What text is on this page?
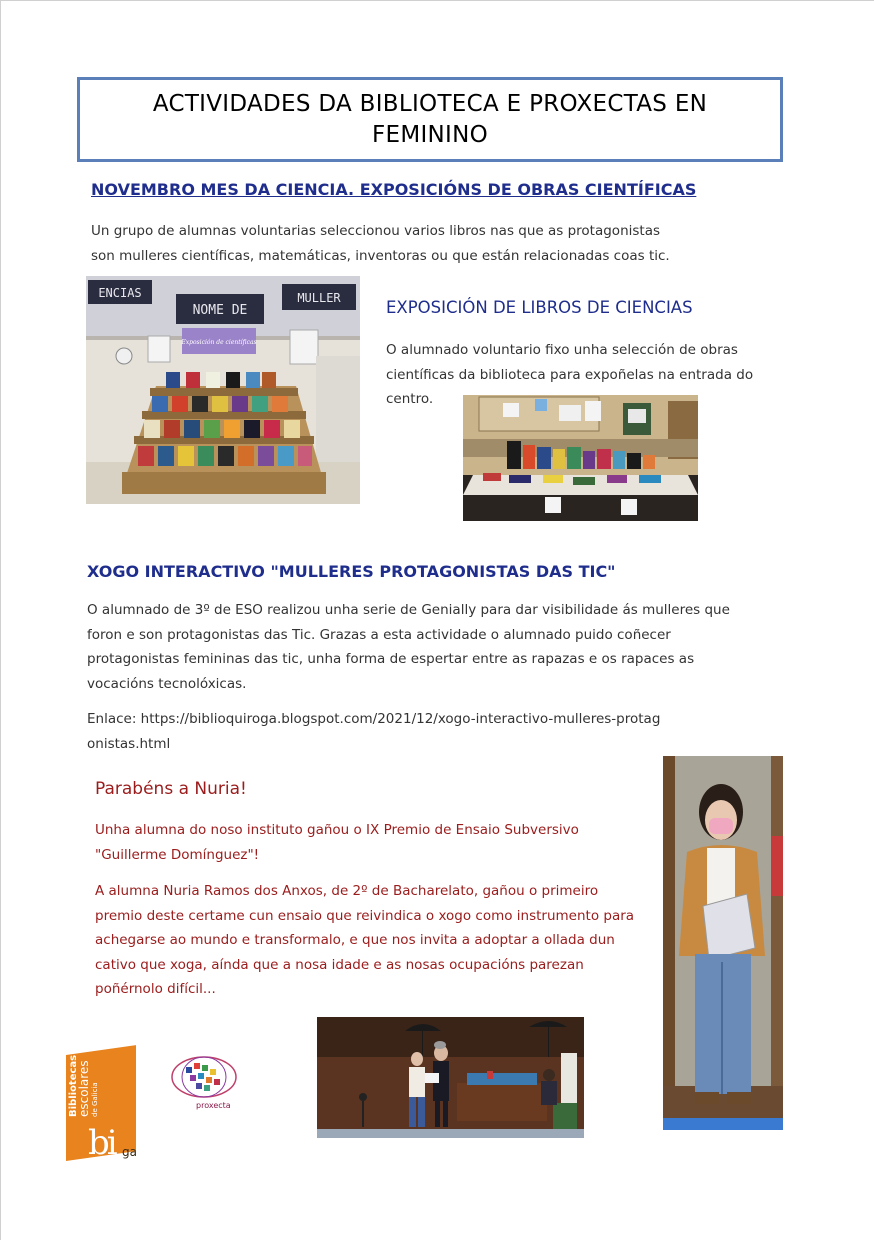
ACTIVIDADES DA BIBLIOTECA E PROXECTAS EN FEMININO
NOVEMBRO MES DA CIENCIA. EXPOSICIÓNS DE OBRAS CIENTÍFICAS
Un grupo de alumnas voluntarias seleccionou varios libros nas que as protagonistas son mulleres científicas, matemáticas, inventoras ou que están relacionadas coas tic.
ENCIAS
NOME DE
MULLER
Exposición de científicas
EXPOSICIÓN DE LIBROS DE CIENCIAS
O alumnado voluntario fixo unha selección de obras científicas da biblioteca para expoñelas na entrada do centro.
XOGO INTERACTIVO "MULLERES PROTAGONISTAS DAS TIC"
O alumnado de 3º de ESO realizou unha serie de Genially para dar visibilidade ás mulleres que foron e son protagonistas das Tic. Grazas a esta actividade o alumnado puido coñecer protagonistas femininas das tic, unha forma de espertar entre as rapazas e os rapaces as vocacións tecnolóxicas.
Enlace: https://biblioquiroga.blogspot.com/2021/12/xogo-interactivo-mulleres-protagonistas.html
Parabéns a Nuria!
Unha alumna do noso instituto gañou o IX Premio de Ensaio Subversivo "Guillerme Domínguez"!
A alumna Nuria Ramos dos Anxos, de 2º de Bacharelato, gañou o primeiro premio deste certame cun ensaio que reivindica o xogo como instrumento para achegarse ao mundo e transformalo, e que nos invita a adoptar a ollada dun cativo que xoga, aínda que a nosa idade e as nosas ocupacións parezan poñérnolo difícil...
Bibliotecas
escolares de Galicia
bi ga
proxecta
